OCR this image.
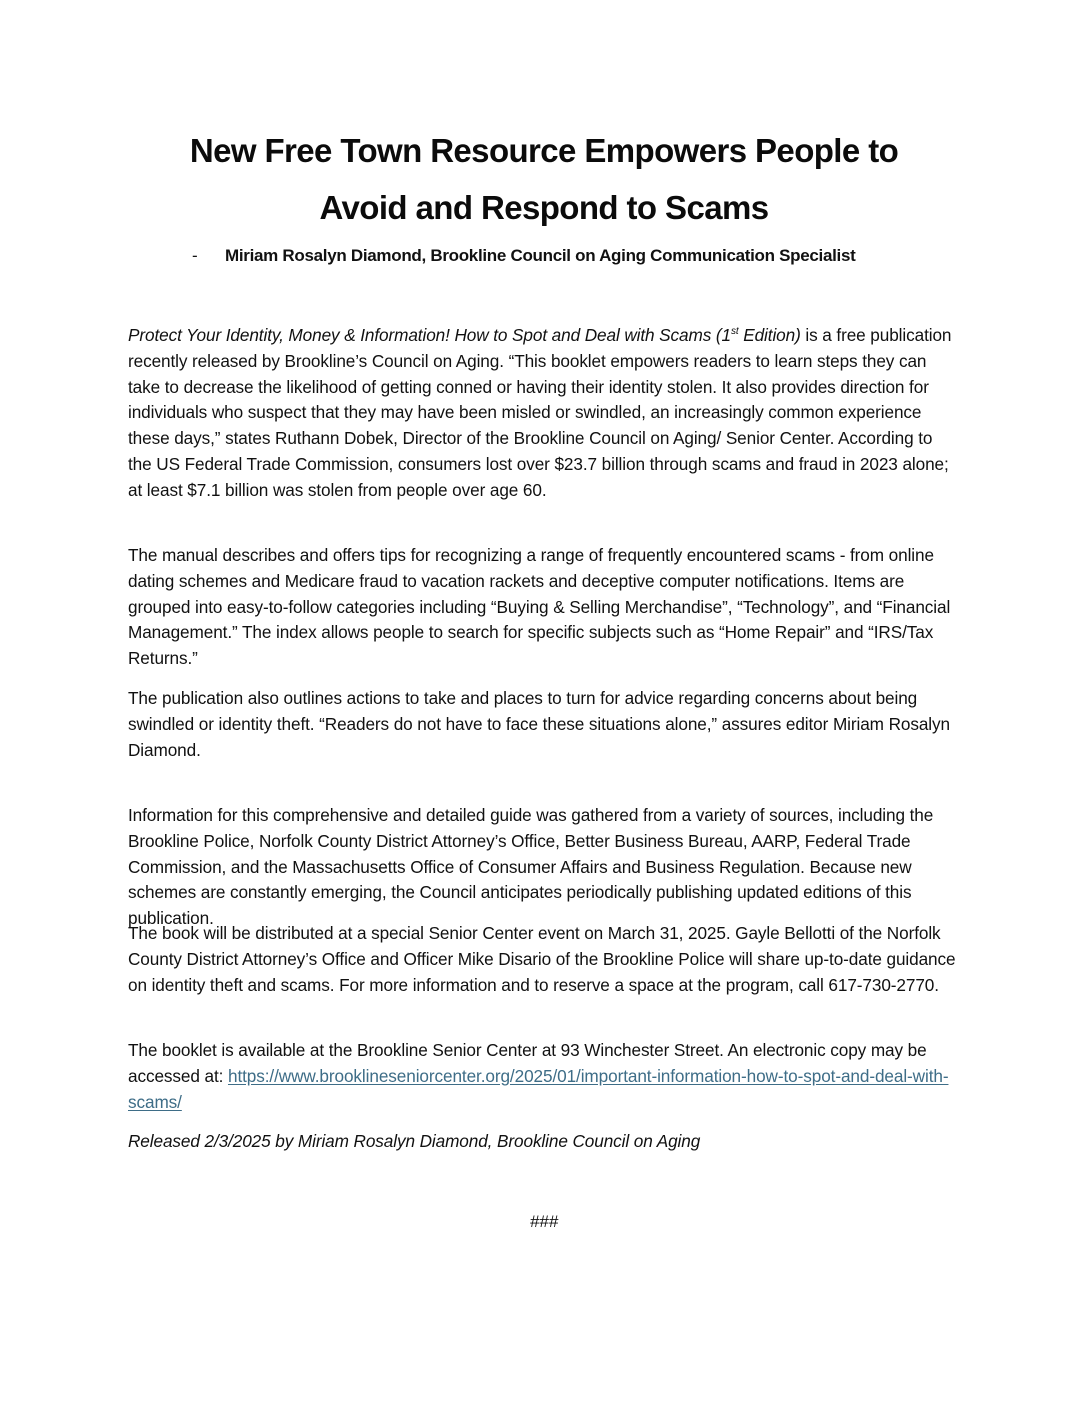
New Free Town Resource Empowers People to
Avoid and Respond to Scams
- Miriam Rosalyn Diamond, Brookline Council on Aging Communication Specialist

Protect Your Identity, Money & Information! How to Spot and Deal with Scams (1st Edition) is a free publication recently released by Brookline’s Council on Aging. “This booklet empowers readers to learn steps they can take to decrease the likelihood of getting conned or having their identity stolen. It also provides direction for individuals who suspect that they may have been misled or swindled, an increasingly common experience these days,” states Ruthann Dobek, Director of the Brookline Council on Aging/ Senior Center. According to the US Federal Trade Commission, consumers lost over $23.7 billion through scams and fraud in 2023 alone; at least $7.1 billion was stolen from people over age 60.

The manual describes and offers tips for recognizing a range of frequently encountered scams - from online dating schemes and Medicare fraud to vacation rackets and deceptive computer notifications. Items are grouped into easy-to-follow categories including “Buying & Selling Merchandise”, “Technology”, and “Financial Management.” The index allows people to search for specific subjects such as “Home Repair” and “IRS/Tax Returns.”

The publication also outlines actions to take and places to turn for advice regarding concerns about being swindled or identity theft. “Readers do not have to face these situations alone,” assures editor Miriam Rosalyn Diamond.

Information for this comprehensive and detailed guide was gathered from a variety of sources, including the Brookline Police, Norfolk County District Attorney’s Office, Better Business Bureau, AARP, Federal Trade Commission, and the Massachusetts Office of Consumer Affairs and Business Regulation. Because new schemes are constantly emerging, the Council anticipates periodically publishing updated editions of this publication.

The book will be distributed at a special Senior Center event on March 31, 2025. Gayle Bellotti of the Norfolk County District Attorney’s Office and Officer Mike Disario of the Brookline Police will share up-to-date guidance on identity theft and scams. For more information and to reserve a space at the program, call 617-730-2770.

The booklet is available at the Brookline Senior Center at 93 Winchester Street. An electronic copy may be accessed at: https://www.brooklineseniorcenter.org/2025/01/important-information-how-to-spot-and-deal-with-scams/

Released 2/3/2025 by Miriam Rosalyn Diamond, Brookline Council on Aging

###
